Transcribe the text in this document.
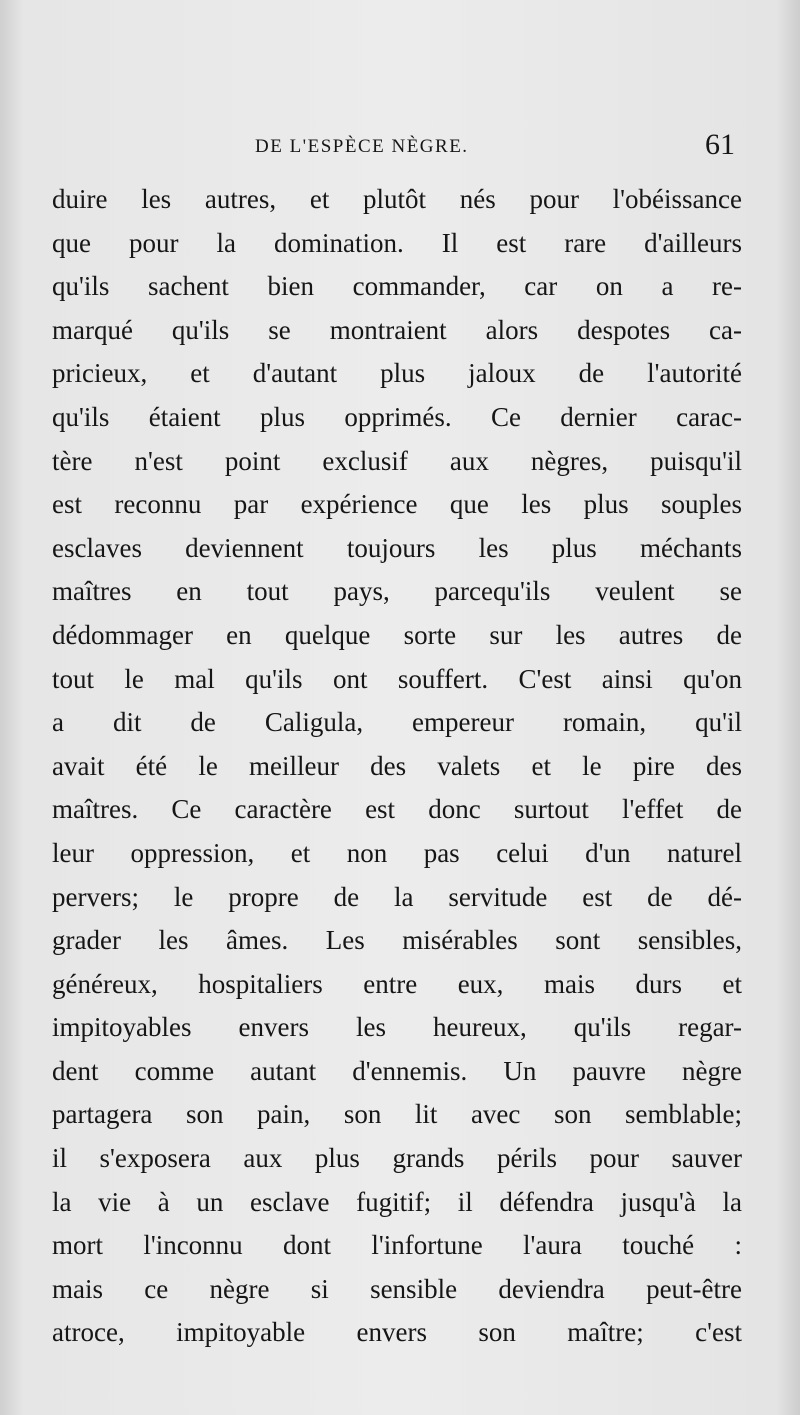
DE L'ESPÈCE NÈGRE.	61
duire les autres, et plutôt nés pour l'obéissance
que pour la domination. Il est rare d'ailleurs
qu'ils sachent bien commander, car on a re-
marqué qu'ils se montraient alors despotes ca-
pricieux, et d'autant plus jaloux de l'autorité
qu'ils étaient plus opprimés. Ce dernier carac-
tère n'est point exclusif aux nègres, puisqu'il
est reconnu par expérience que les plus souples
esclaves deviennent toujours les plus méchants
maîtres en tout pays, parcequ'ils veulent se
dédommager en quelque sorte sur les autres de
tout le mal qu'ils ont souffert. C'est ainsi qu'on
a dit de Caligula, empereur romain, qu'il
avait été le meilleur des valets et le pire des
maîtres. Ce caractère est donc surtout l'effet de
leur oppression, et non pas celui d'un naturel
pervers; le propre de la servitude est de dé-
grader les âmes. Les misérables sont sensibles,
généreux, hospitaliers entre eux, mais durs et
impitoyables envers les heureux, qu'ils regar-
dent comme autant d'ennemis. Un pauvre nègre
partagera son pain, son lit avec son semblable;
il s'exposera aux plus grands périls pour sauver
la vie à un esclave fugitif; il défendra jusqu'à la
mort l'inconnu dont l'infortune l'aura touché :
mais ce nègre si sensible deviendra peut-être
atroce, impitoyable envers son maître; c'est
